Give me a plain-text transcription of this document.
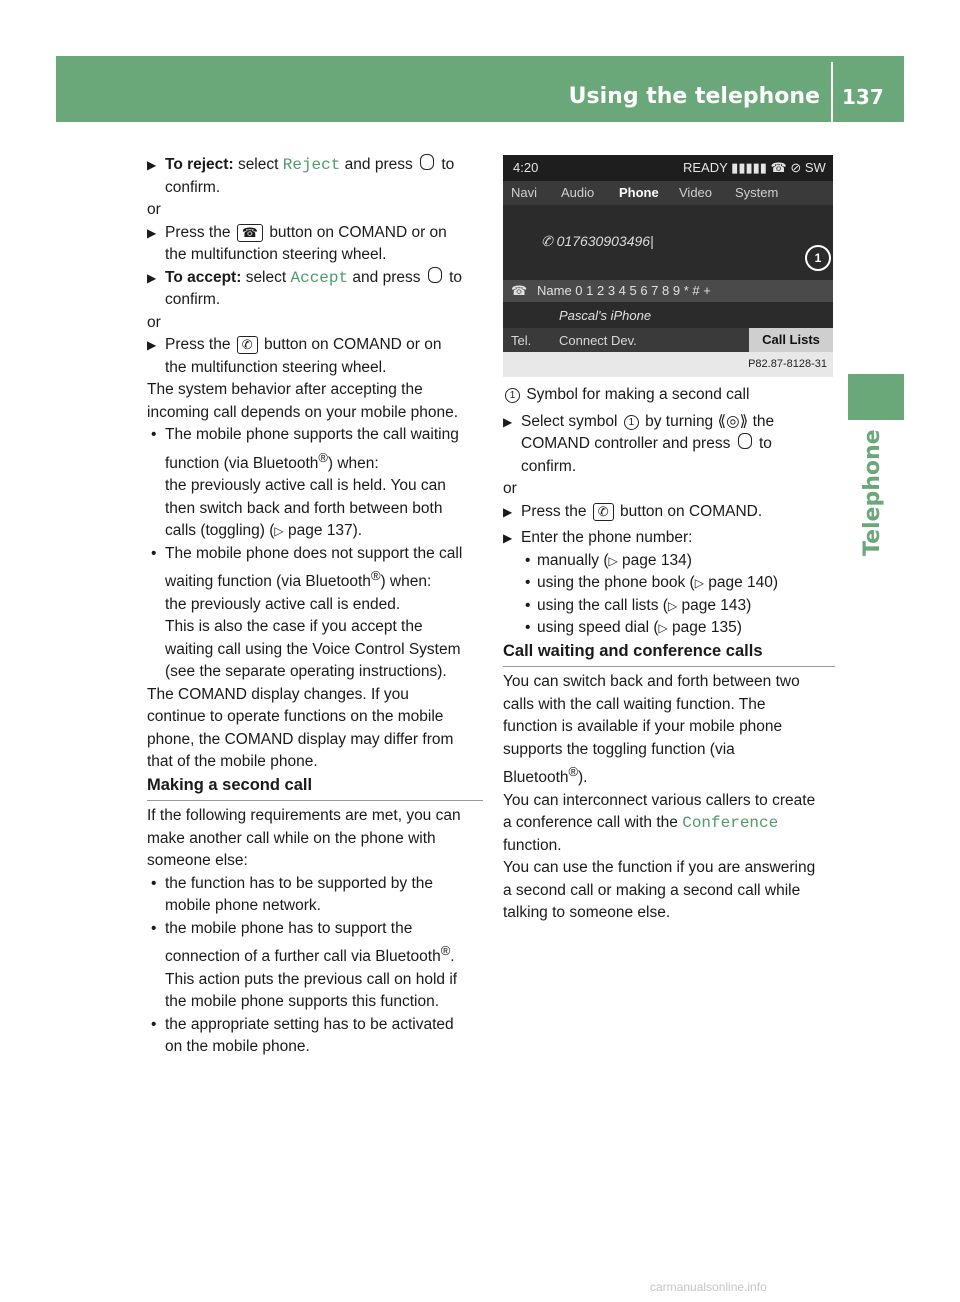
Using the telephone 137
Telephone

▶ To reject: select Reject and press to

confirm.

or

▶ Press the ☎ button on COMAND or on

the multifunction steering wheel.

▶ To accept: select Accept and press to

confirm.

or

▶ Press the ✆ button on COMAND or on

the multifunction steering wheel.

The system behavior after accepting the

incoming call depends on your mobile phone.

• The mobile phone supports the call waiting

function (via Bluetooth®) when:

the previously active call is held. You can

then switch back and forth between both

calls (toggling) (▷ page 137).

• The mobile phone does not support the call

waiting function (via Bluetooth®) when:

the previously active call is ended.

This is also the case if you accept the

waiting call using the Voice Control System

(see the separate operating instructions).

The COMAND display changes. If you

continue to operate functions on the mobile

phone, the COMAND display may differ from

that of the mobile phone.

Making a second call

If the following requirements are met, you can

make another call while on the phone with

someone else:

• the function has to be supported by the

mobile phone network.

• the mobile phone has to support the

connection of a further call via Bluetooth®.

This action puts the previous call on hold if

the mobile phone supports this function.

• the appropriate setting has to be activated

on the mobile phone.

4:20	READY ▮▮▮▮▮ ☎ ⊘ SW
Navi Audio Phone Video System
✆ 017630903496|
1
☎ Name 0 1 2 3 4 5 6 7 8 9 * # +
Pascal's iPhone
Tel. Connect Dev.	Call Lists
P82.87-8128-31

1 Symbol for making a second call

▶ Select symbol 1 by turning ⟪◎⟫ the

COMAND controller and press to

confirm.

or

▶ Press the ✆ button on COMAND.

▶ Enter the phone number:

• manually (▷ page 134)

• using the phone book (▷ page 140)

• using the call lists (▷ page 143)

• using speed dial (▷ page 135)

Call waiting and conference calls

You can switch back and forth between two

calls with the call waiting function. The

function is available if your mobile phone

supports the toggling function (via

Bluetooth®).

You can interconnect various callers to create

a conference call with the Conference

function.

You can use the function if you are answering

a second call or making a second call while

talking to someone else.

carmanualsonline.info
